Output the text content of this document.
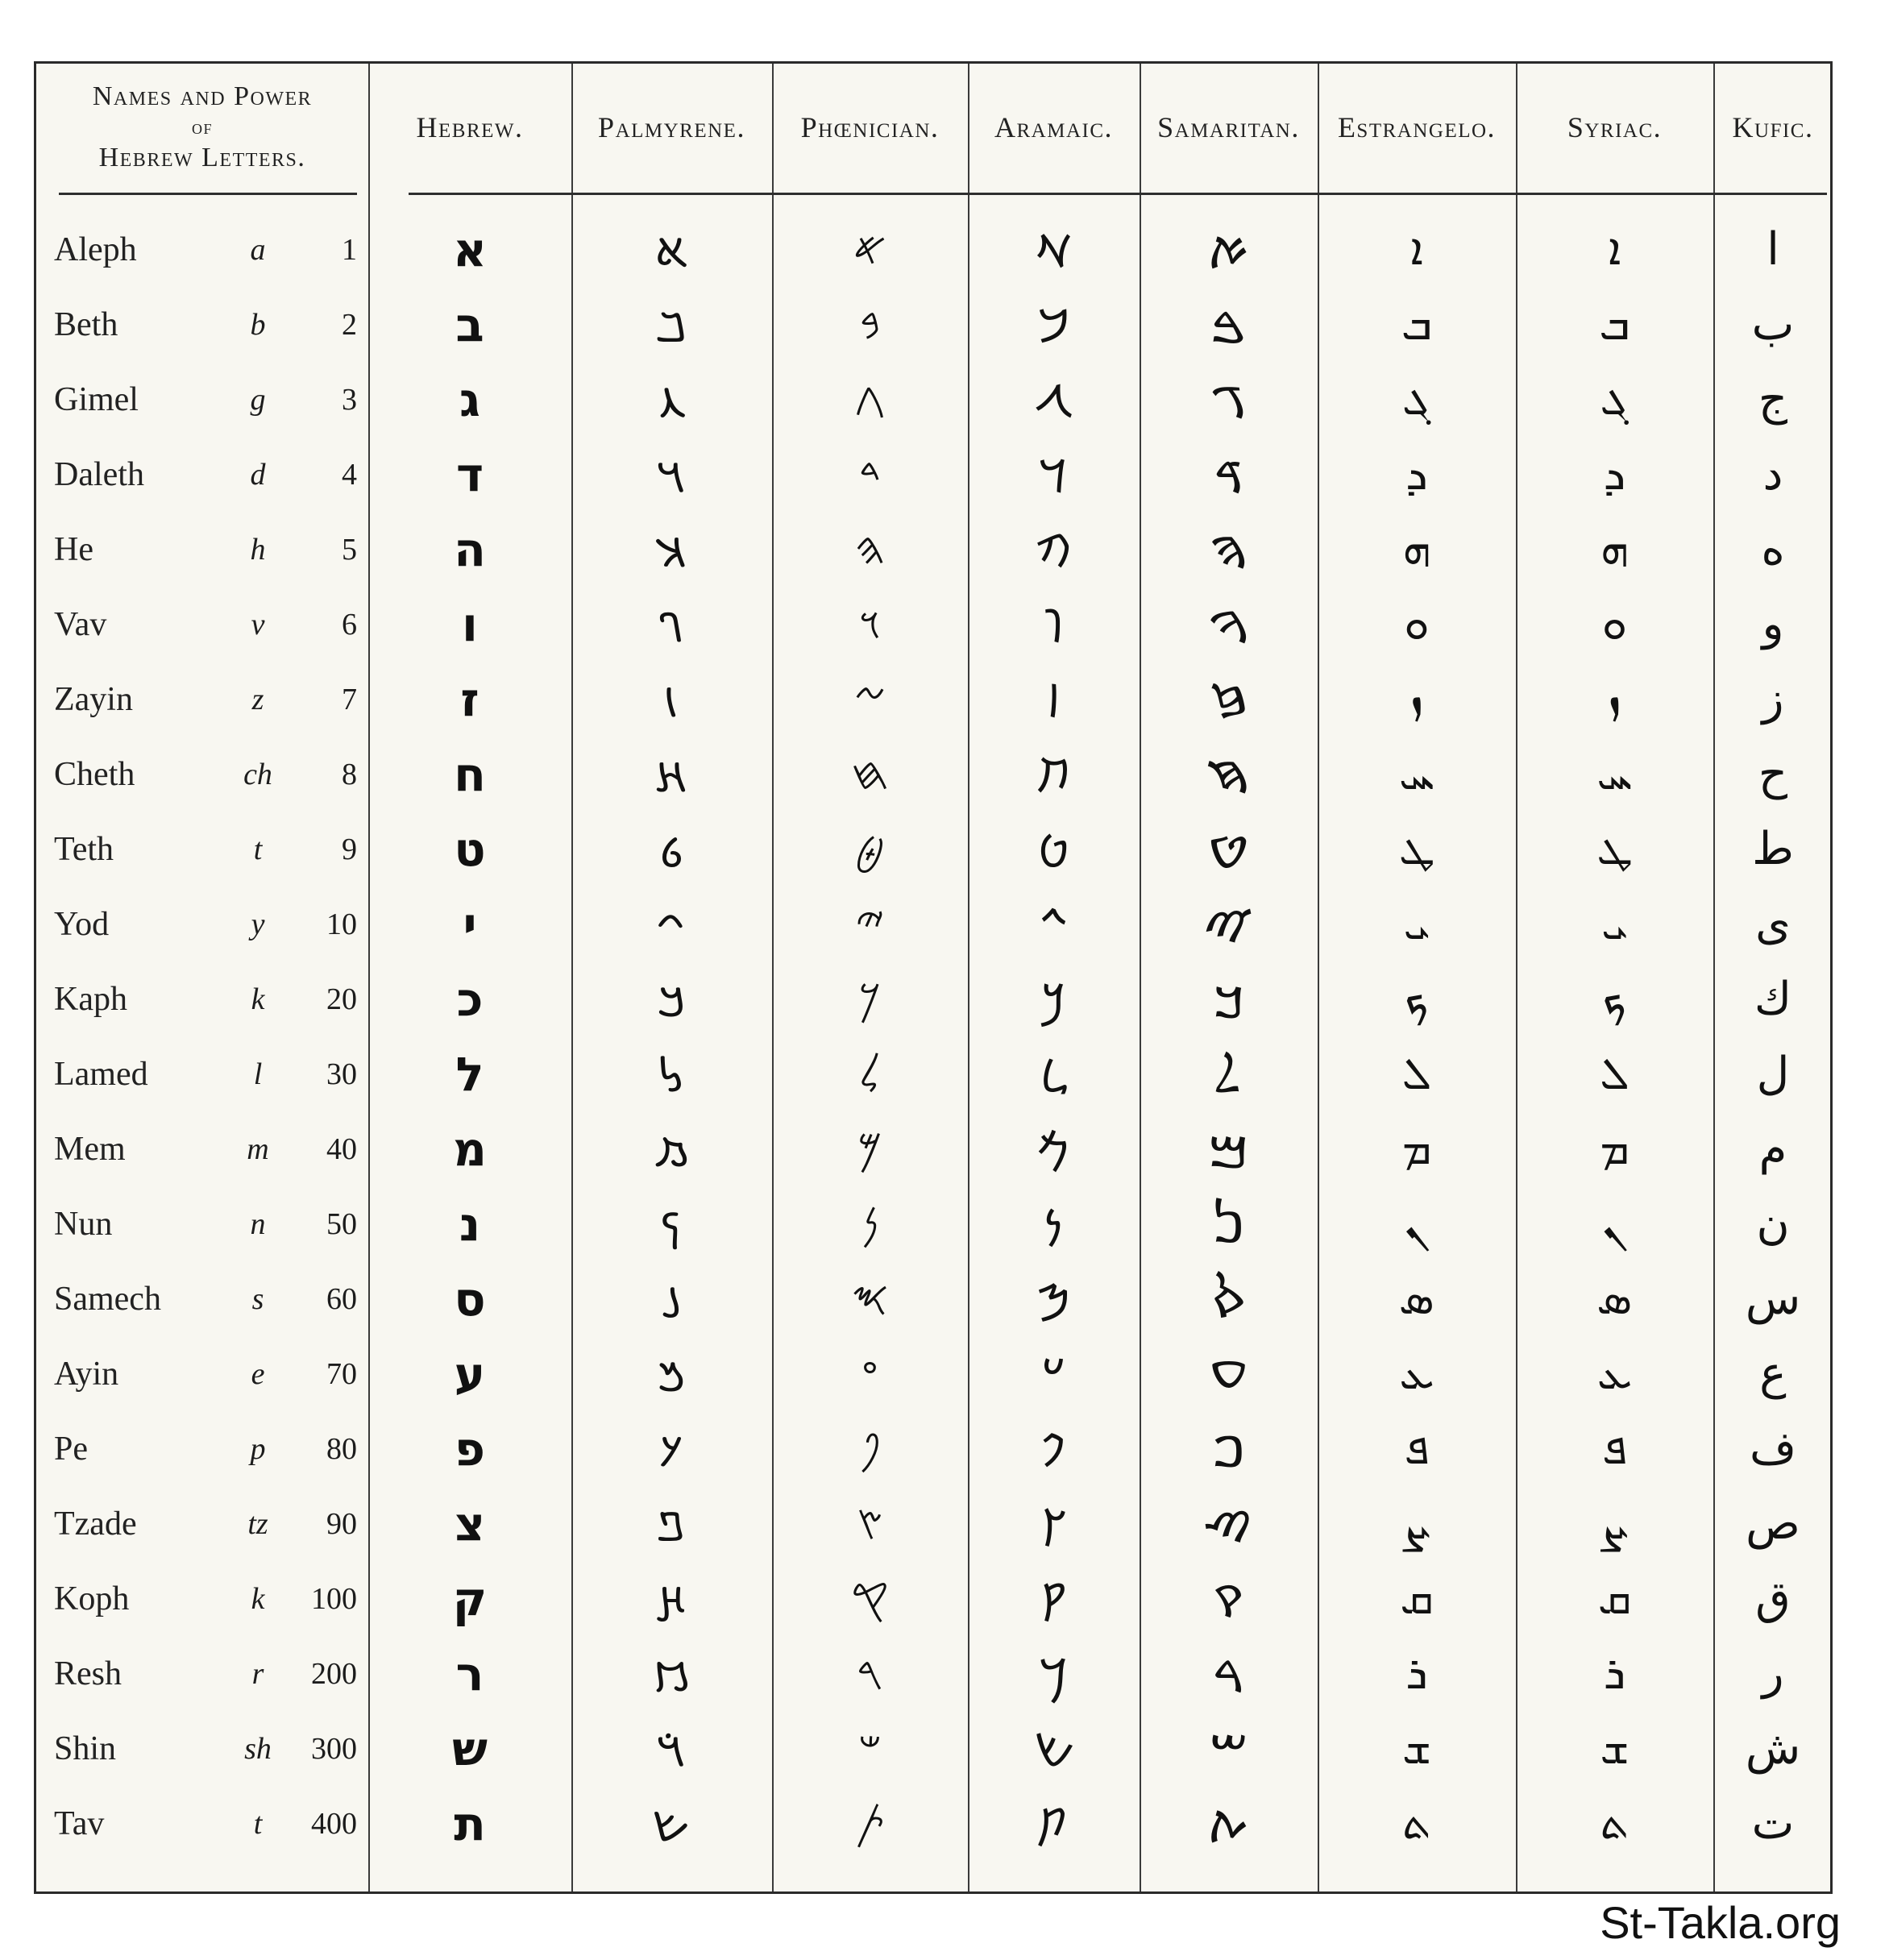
Names and Power
of
Hebrew Letters.
Hebrew.	Palmyrene.	Phœnician.	Aramaic.	Samaritan.	Estrangelo.	Syriac.	Kufic.
Aleph	a	1	א	𐡠	𐤀	𐡀	ࠀ	ܐ	ܐ	ا
Beth	b	2	ב	𐡡	𐤁	𐡁	ࠁ	ܒ	ܒ	ب
Gimel	g	3	ג	𐡢	𐤂	𐡂	ࠂ	ܓ	ܓ	ج
Daleth	d	4	ד	𐡣	𐤃	𐡃	ࠃ	ܕ	ܕ	د
He	h	5	ה	𐡤	𐤄	𐡄	ࠄ	ܗ	ܗ	ه
Vav	v	6	ו	𐡥	𐤅	𐡅	ࠅ	ܘ	ܘ	و
Zayin	z	7	ז	𐡦	𐤆	𐡆	ࠆ	ܙ	ܙ	ز
Cheth	ch	8	ח	𐡧	𐤇	𐡇	ࠇ	ܚ	ܚ	ح
Teth	t	9	ט	𐡨	𐤈	𐡈	ࠈ	ܛ	ܛ	ط
Yod	y	10	י	𐡩	𐤉	𐡉	ࠉ	ܝ	ܝ	ى
Kaph	k	20	כ	𐡪	𐤊	𐡊	ࠊ	ܟ	ܟ	ك
Lamed	l	30	ל	𐡫	𐤋	𐡋	ࠋ	ܠ	ܠ	ل
Mem	m	40	מ	𐡬	𐤌	𐡌	ࠌ	ܡ	ܡ	م
Nun	n	50	נ	𐡭	𐤍	𐡍	ࠍ	ܢ	ܢ	ن
Samech	s	60	ס	𐡮	𐤎	𐡎	ࠎ	ܣ	ܣ	س
Ayin	e	70	ע	𐡯	𐤏	𐡏	ࠏ	ܥ	ܥ	ع
Pe	p	80	פ	𐡰	𐤐	𐡐	ࠐ	ܦ	ܦ	ف
Tzade	tz	90	צ	𐡱	𐤑	𐡑	ࠑ	ܨ	ܨ	ص
Koph	k	100	ק	𐡲	𐤒	𐡒	ࠒ	ܩ	ܩ	ق
Resh	r	200	ר	𐡳	𐤓	𐡓	ࠓ	ܪ	ܪ	ر
Shin	sh	300	ש	𐡴	𐤔	𐡔	ࠔ	ܫ	ܫ	ش
Tav	t	400	ת	𐡵	𐤕	𐡕	ࠕ	ܬ	ܬ	ت
St-Takla.org
